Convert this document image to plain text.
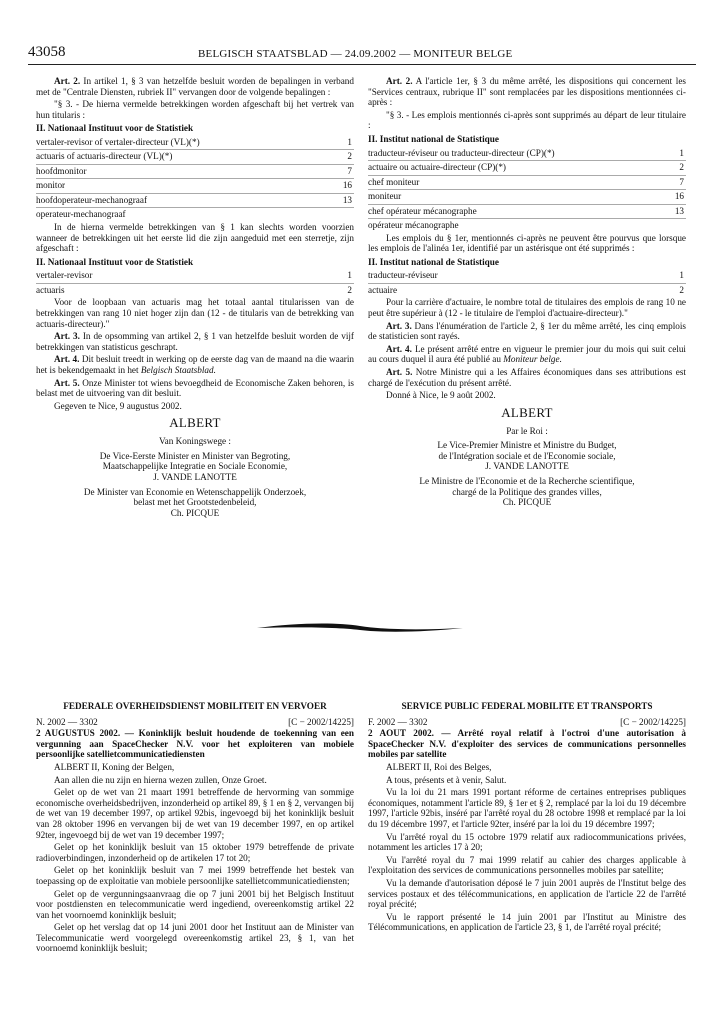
43058	BELGISCH STAATSBLAD — 24.09.2002 — MONITEUR BELGE

Art. 2. In artikel 1, § 3 van hetzelfde besluit worden de bepalingen in verband met de "Centrale Diensten, rubriek II" vervangen door de volgende bepalingen :

"§ 3. - De hierna vermelde betrekkingen worden afgeschaft bij het vertrek van hun titularis :

II. Nationaal Instituut voor de Statistiek
vertaler-revisor of vertaler-directeur (VL)(*)	1
actuaris of actuaris-directeur (VL)(*)	2
hoofdmonitor	7
monitor	16
hoofdoperateur-mechanograaf	13
operateur-mechanograaf

In de hierna vermelde betrekkingen van § 1 kan slechts worden voorzien wanneer de betrekkingen uit het eerste lid die zijn aangeduid met een sterretje, zijn afgeschaft :

II. Nationaal Instituut voor de Statistiek
vertaler-revisor	1
actuaris	2

Voor de loopbaan van actuaris mag het totaal aantal titularissen van de betrekkingen van rang 10 niet hoger zijn dan (12 - de titularis van de betrekking van actuaris-directeur)."

Art. 3. In de opsomming van artikel 2, § 1 van hetzelfde besluit worden de vijf betrekkingen van statisticus geschrapt.

Art. 4. Dit besluit treedt in werking op de eerste dag van de maand na die waarin het is bekendgemaakt in het Belgisch Staatsblad.

Art. 5. Onze Minister tot wiens bevoegdheid de Economische Zaken behoren, is belast met de uitvoering van dit besluit.

Gegeven te Nice, 9 augustus 2002.

ALBERT
Van Koningswege :
De Vice-Eerste Minister en Minister van Begroting,
Maatschappelijke Integratie en Sociale Economie,
J. VANDE LANOTTE
De Minister van Economie en Wetenschappelijk Onderzoek,
belast met het Grootstedenbeleid,
Ch. PICQUE

Art. 2. A l'article 1er, § 3 du même arrêté, les dispositions qui concernent les "Services centraux, rubrique II" sont remplacées par les dispositions mentionnées ci-après :

"§ 3. - Les emplois mentionnés ci-après sont supprimés au départ de leur titulaire :

II. Institut national de Statistique
traducteur-réviseur ou traducteur-directeur (CP)(*)	1
actuaire ou actuaire-directeur (CP)(*)	2
chef moniteur	7
moniteur	16
chef opérateur mécanographe	13
opérateur mécanographe

Les emplois du § 1er, mentionnés ci-après ne peuvent être pourvus que lorsque les emplois de l'alinéa 1er, identifié par un astérisque ont été supprimés :

II. Institut national de Statistique
traducteur-réviseur	1
actuaire	2

Pour la carrière d'actuaire, le nombre total de titulaires des emplois de rang 10 ne peut être supérieur à (12 - le titulaire de l'emploi d'actuaire-directeur)."

Art. 3. Dans l'énumération de l'article 2, § 1er du même arrêté, les cinq emplois de statisticien sont rayés.

Art. 4. Le présent arrêté entre en vigueur le premier jour du mois qui suit celui au cours duquel il aura été publié au Moniteur belge.

Art. 5. Notre Ministre qui a les Affaires économiques dans ses attributions est chargé de l'exécution du présent arrêté.

Donné à Nice, le 9 août 2002.

ALBERT
Par le Roi :
Le Vice-Premier Ministre et Ministre du Budget,
de l'Intégration sociale et de l'Economie sociale,
J. VANDE LANOTTE
Le Ministre de l'Economie et de la Recherche scientifique,
chargé de la Politique des grandes villes,
Ch. PICQUE
FEDERALE OVERHEIDSDIENST MOBILITEIT EN VERVOER
N. 2002 — 3302	[C − 2002/14225]

2 AUGUSTUS 2002. — Koninklijk besluit houdende de toekenning van een vergunning aan SpaceChecker N.V. voor het exploiteren van mobiele persoonlijke satellietcommunicatiediensten

ALBERT II, Koning der Belgen,

Aan allen die nu zijn en hierna wezen zullen, Onze Groet.

Gelet op de wet van 21 maart 1991 betreffende de hervorming van sommige economische overheidsbedrijven, inzonderheid op artikel 89, § 1 en § 2, vervangen bij de wet van 19 december 1997, op artikel 92bis, ingevoegd bij het koninklijk besluit van 28 oktober 1996 en vervangen bij de wet van 19 december 1997, en op artikel 92ter, ingevoegd bij de wet van 19 december 1997;

Gelet op het koninklijk besluit van 15 oktober 1979 betreffende de private radioverbindingen, inzonderheid op de artikelen 17 tot 20;

Gelet op het koninklijk besluit van 7 mei 1999 betreffende het bestek van toepassing op de exploitatie van mobiele persoonlijke satellietcommunicatiediensten;

Gelet op de vergunningsaanvraag die op 7 juni 2001 bij het Belgisch Instituut voor postdiensten en telecommunicatie werd ingediend, overeenkomstig artikel 22 van het voornoemd koninklijk besluit;

Gelet op het verslag dat op 14 juni 2001 door het Instituut aan de Minister van Telecommunicatie werd voorgelegd overeenkomstig artikel 23, § 1, van het voornoemd koninklijk besluit;

SERVICE PUBLIC FEDERAL MOBILITE ET TRANSPORTS
F. 2002 — 3302	[C − 2002/14225]

2 AOUT 2002. — Arrêté royal relatif à l'octroi d'une autorisation à SpaceChecker N.V. d'exploiter des services de communications personnelles mobiles par satellite

ALBERT II, Roi des Belges,

A tous, présents et à venir, Salut.

Vu la loi du 21 mars 1991 portant réforme de certaines entreprises publiques économiques, notamment l'article 89, § 1er et § 2, remplacé par la loi du 19 décembre 1997, l'article 92bis, inséré par l'arrêté royal du 28 octobre 1998 et remplacé par la loi du 19 décembre 1997, et l'article 92ter, inséré par la loi du 19 décembre 1997;

Vu l'arrêté royal du 15 octobre 1979 relatif aux radiocommunications privées, notamment les articles 17 à 20;

Vu l'arrêté royal du 7 mai 1999 relatif au cahier des charges applicable à l'exploitation des services de communications personnelles mobiles par satellite;

Vu la demande d'autorisation déposé le 7 juin 2001 auprès de l'Institut belge des services postaux et des télécommunications, en application de l'article 22 de l'arrêté royal précité;

Vu le rapport présenté le 14 juin 2001 par l'Institut au Ministre des Télécommunications, en application de l'article 23, § 1, de l'arrêté royal précité;
